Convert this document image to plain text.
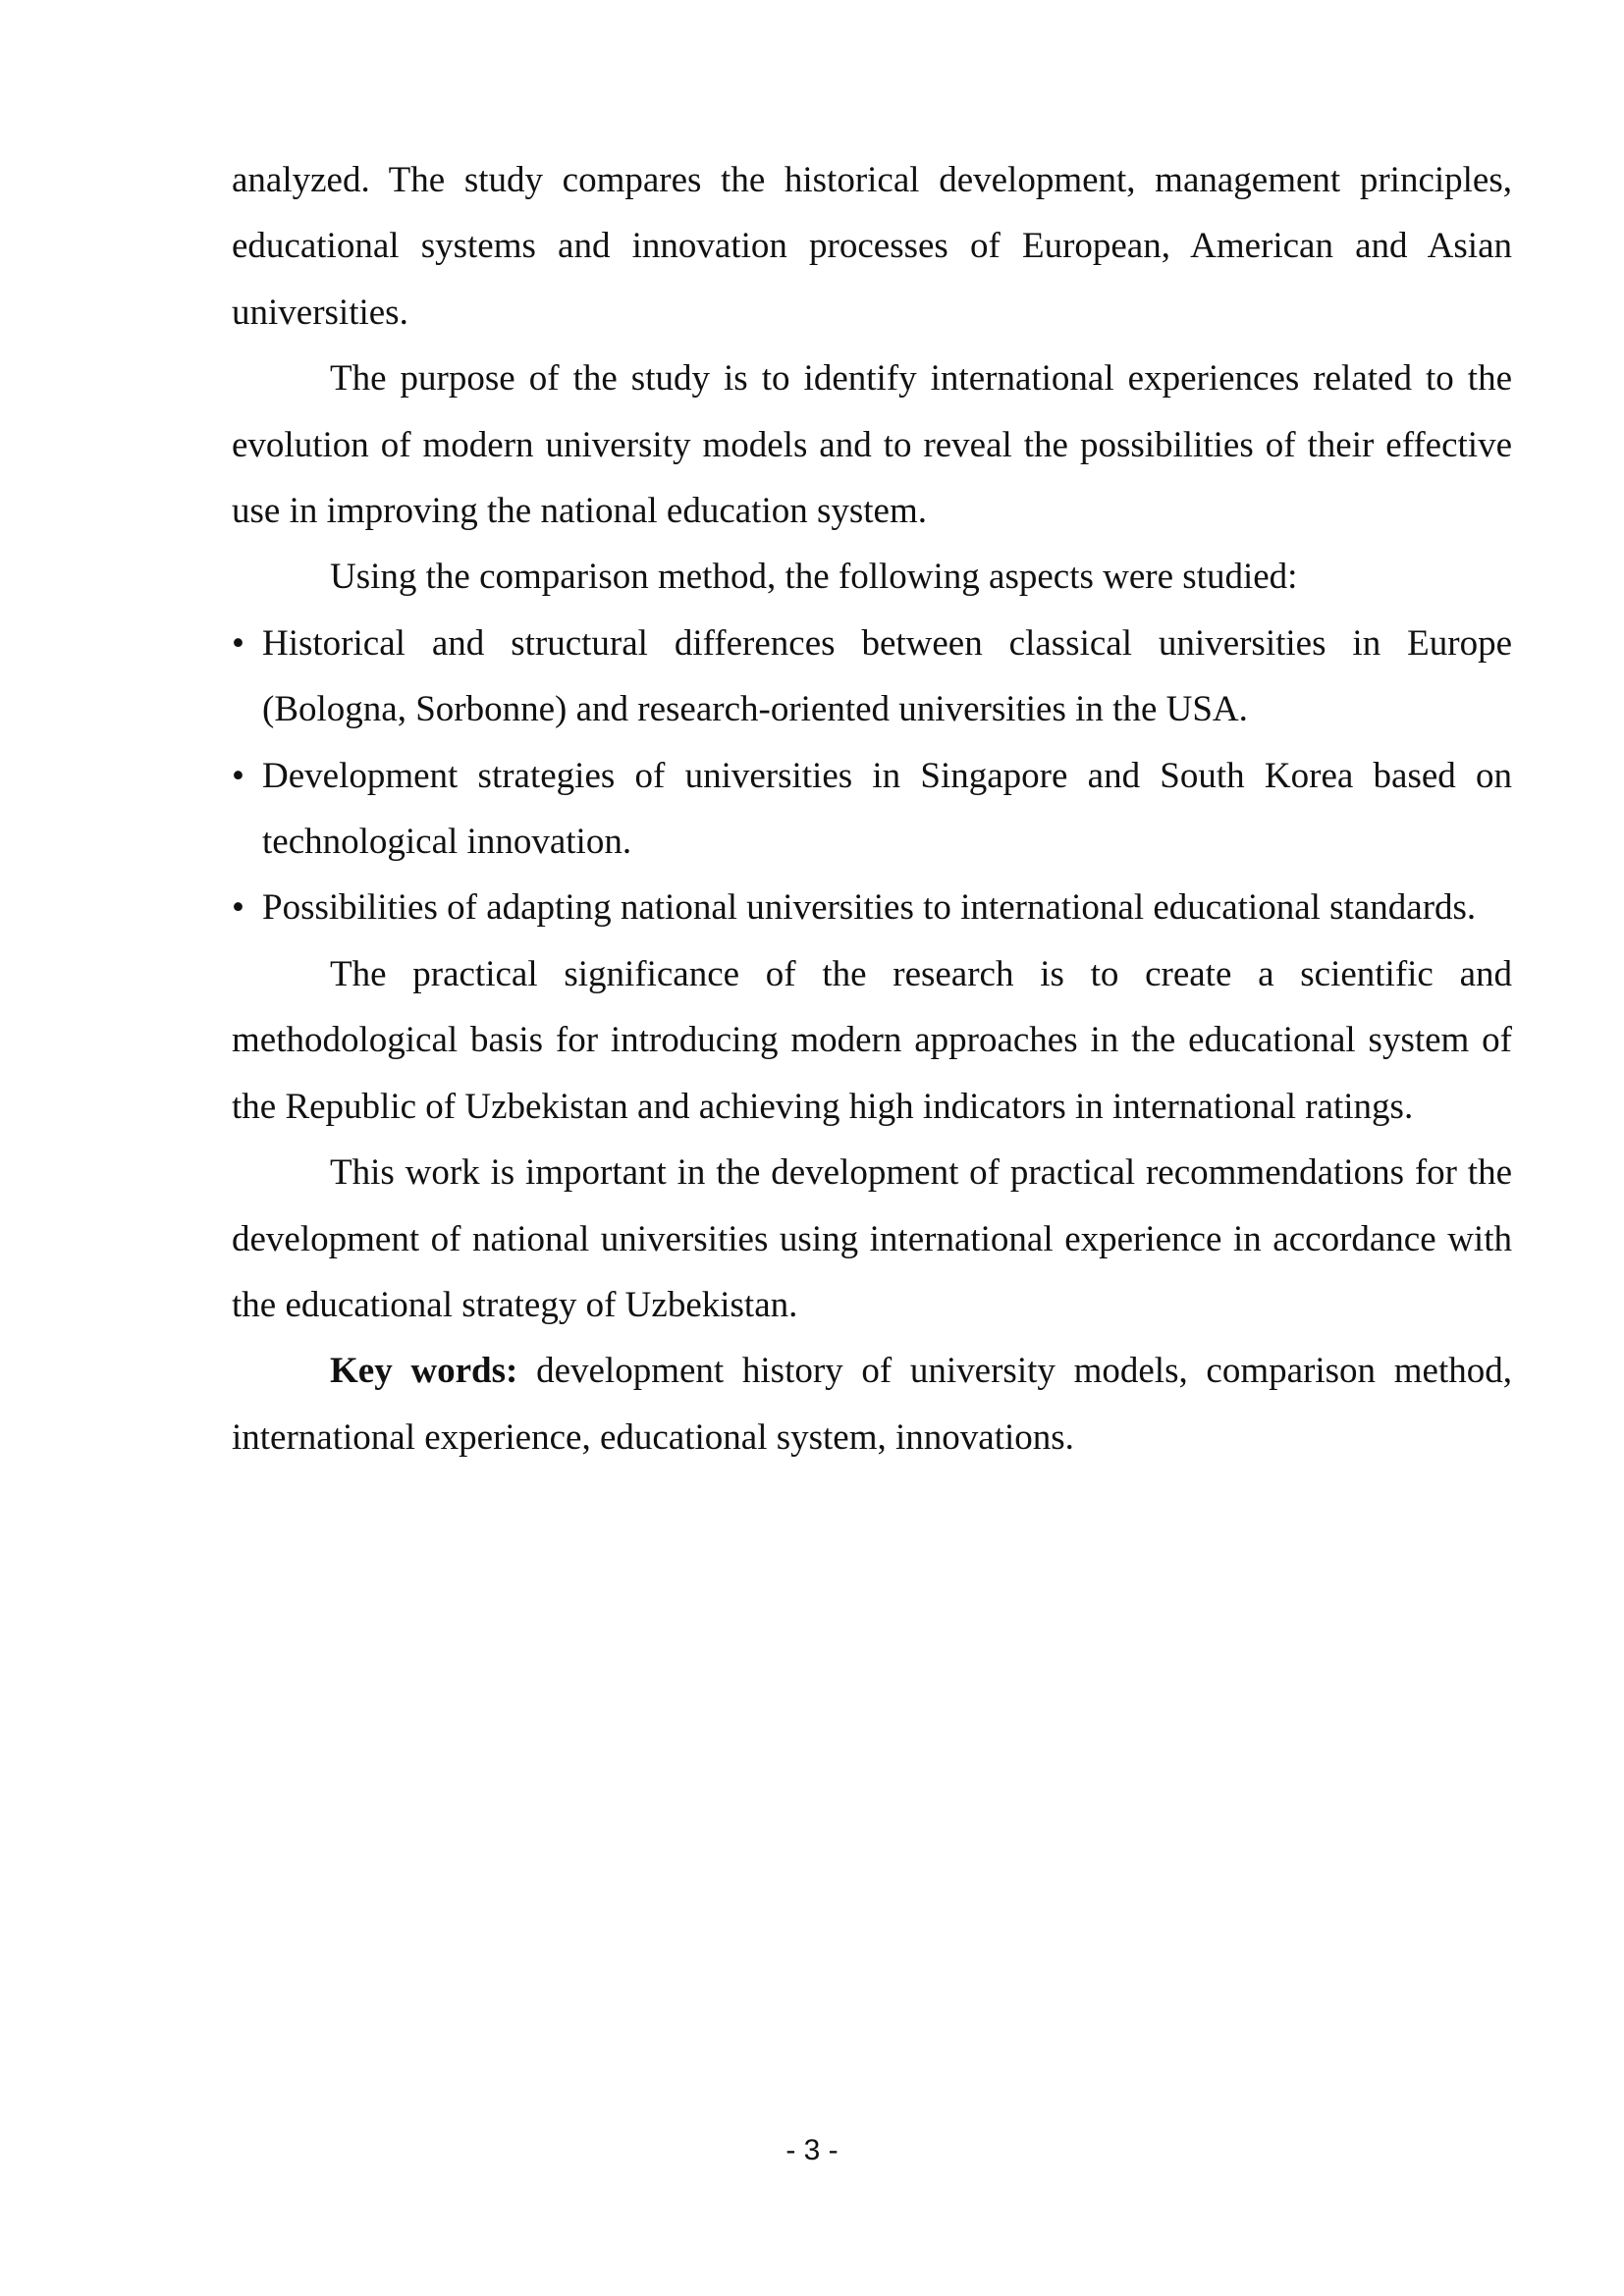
analyzed. The study compares the historical development, management principles, educational systems and innovation processes of European, American and Asian universities.

The purpose of the study is to identify international experiences related to the evolution of modern university models and to reveal the possibilities of their effective use in improving the national education system.

Using the comparison method, the following aspects were studied:

• Historical and structural differences between classical universities in Europe (Bologna, Sorbonne) and research-oriented universities in the USA.

• Development strategies of universities in Singapore and South Korea based on technological innovation.

• Possibilities of adapting national universities to international educational standards.

The practical significance of the research is to create a scientific and methodological basis for introducing modern approaches in the educational system of the Republic of Uzbekistan and achieving high indicators in international ratings.

This work is important in the development of practical recommendations for the development of national universities using international experience in accordance with the educational strategy of Uzbekistan.

Key words: development history of university models, comparison method, international experience, educational system, innovations.

- 3 -
